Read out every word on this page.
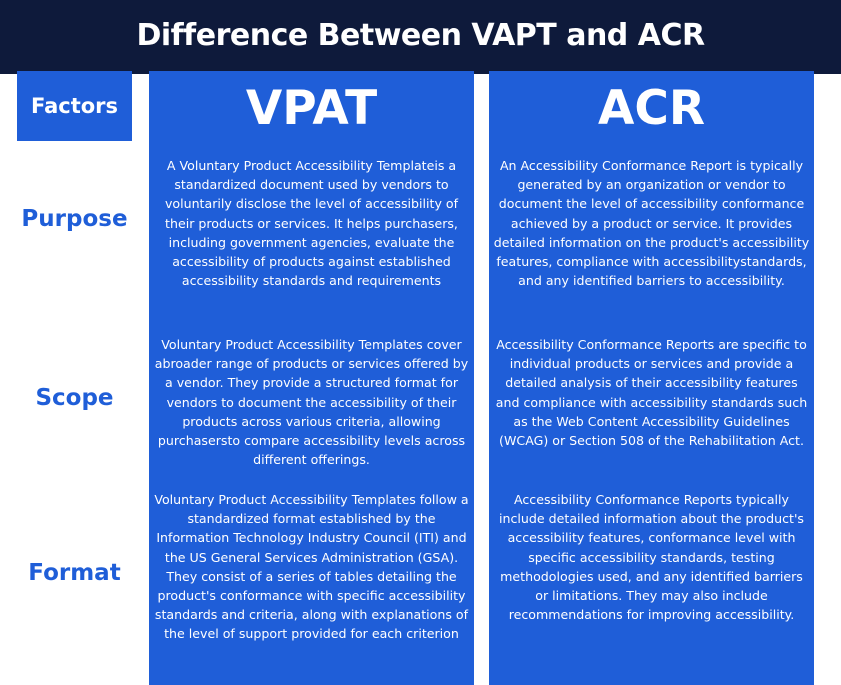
Difference Between VAPT and ACR
Factors	VPAT
A Voluntary Product Accessibility Templateis a standardized document used by vendors to voluntarily disclose the level of accessibility of their products or services. It helps purchasers, including government agencies, evaluate the accessibility of products against established accessibility standards and requirements
Voluntary Product Accessibility Templates cover abroader range of products or services offered by a vendor. They provide a structured format for vendors to document the accessibility of their products across various criteria, allowing purchasersto compare accessibility levels across different offerings.
Voluntary Product Accessibility Templates follow a standardized format established by the Information Technology Industry Council (ITI) and the US General Services Administration (GSA). They consist of a series of tables detailing the product's conformance with specific accessibility standards and criteria, along with explanations of the level of support provided for each criterion
ACR
An Accessibility Conformance Report is typically generated by an organization or vendor to document the level of accessibility conformance achieved by a product or service. It provides detailed information on the product's accessibility features, compliance with accessibilitystandards, and any identified barriers to accessibility.
Accessibility Conformance Reports are specific to individual products or services and provide a detailed analysis of their accessibility features and compliance with accessibility standards such as the Web Content Accessibility Guidelines (WCAG) or Section 508 of the Rehabilitation Act.
Accessibility Conformance Reports typically include detailed information about the product's accessibility features, conformance level with specific accessibility standards, testing methodologies used, and any identified barriers or limitations. They may also include recommendations for improving accessibility.
Purpose
Scope
Format
